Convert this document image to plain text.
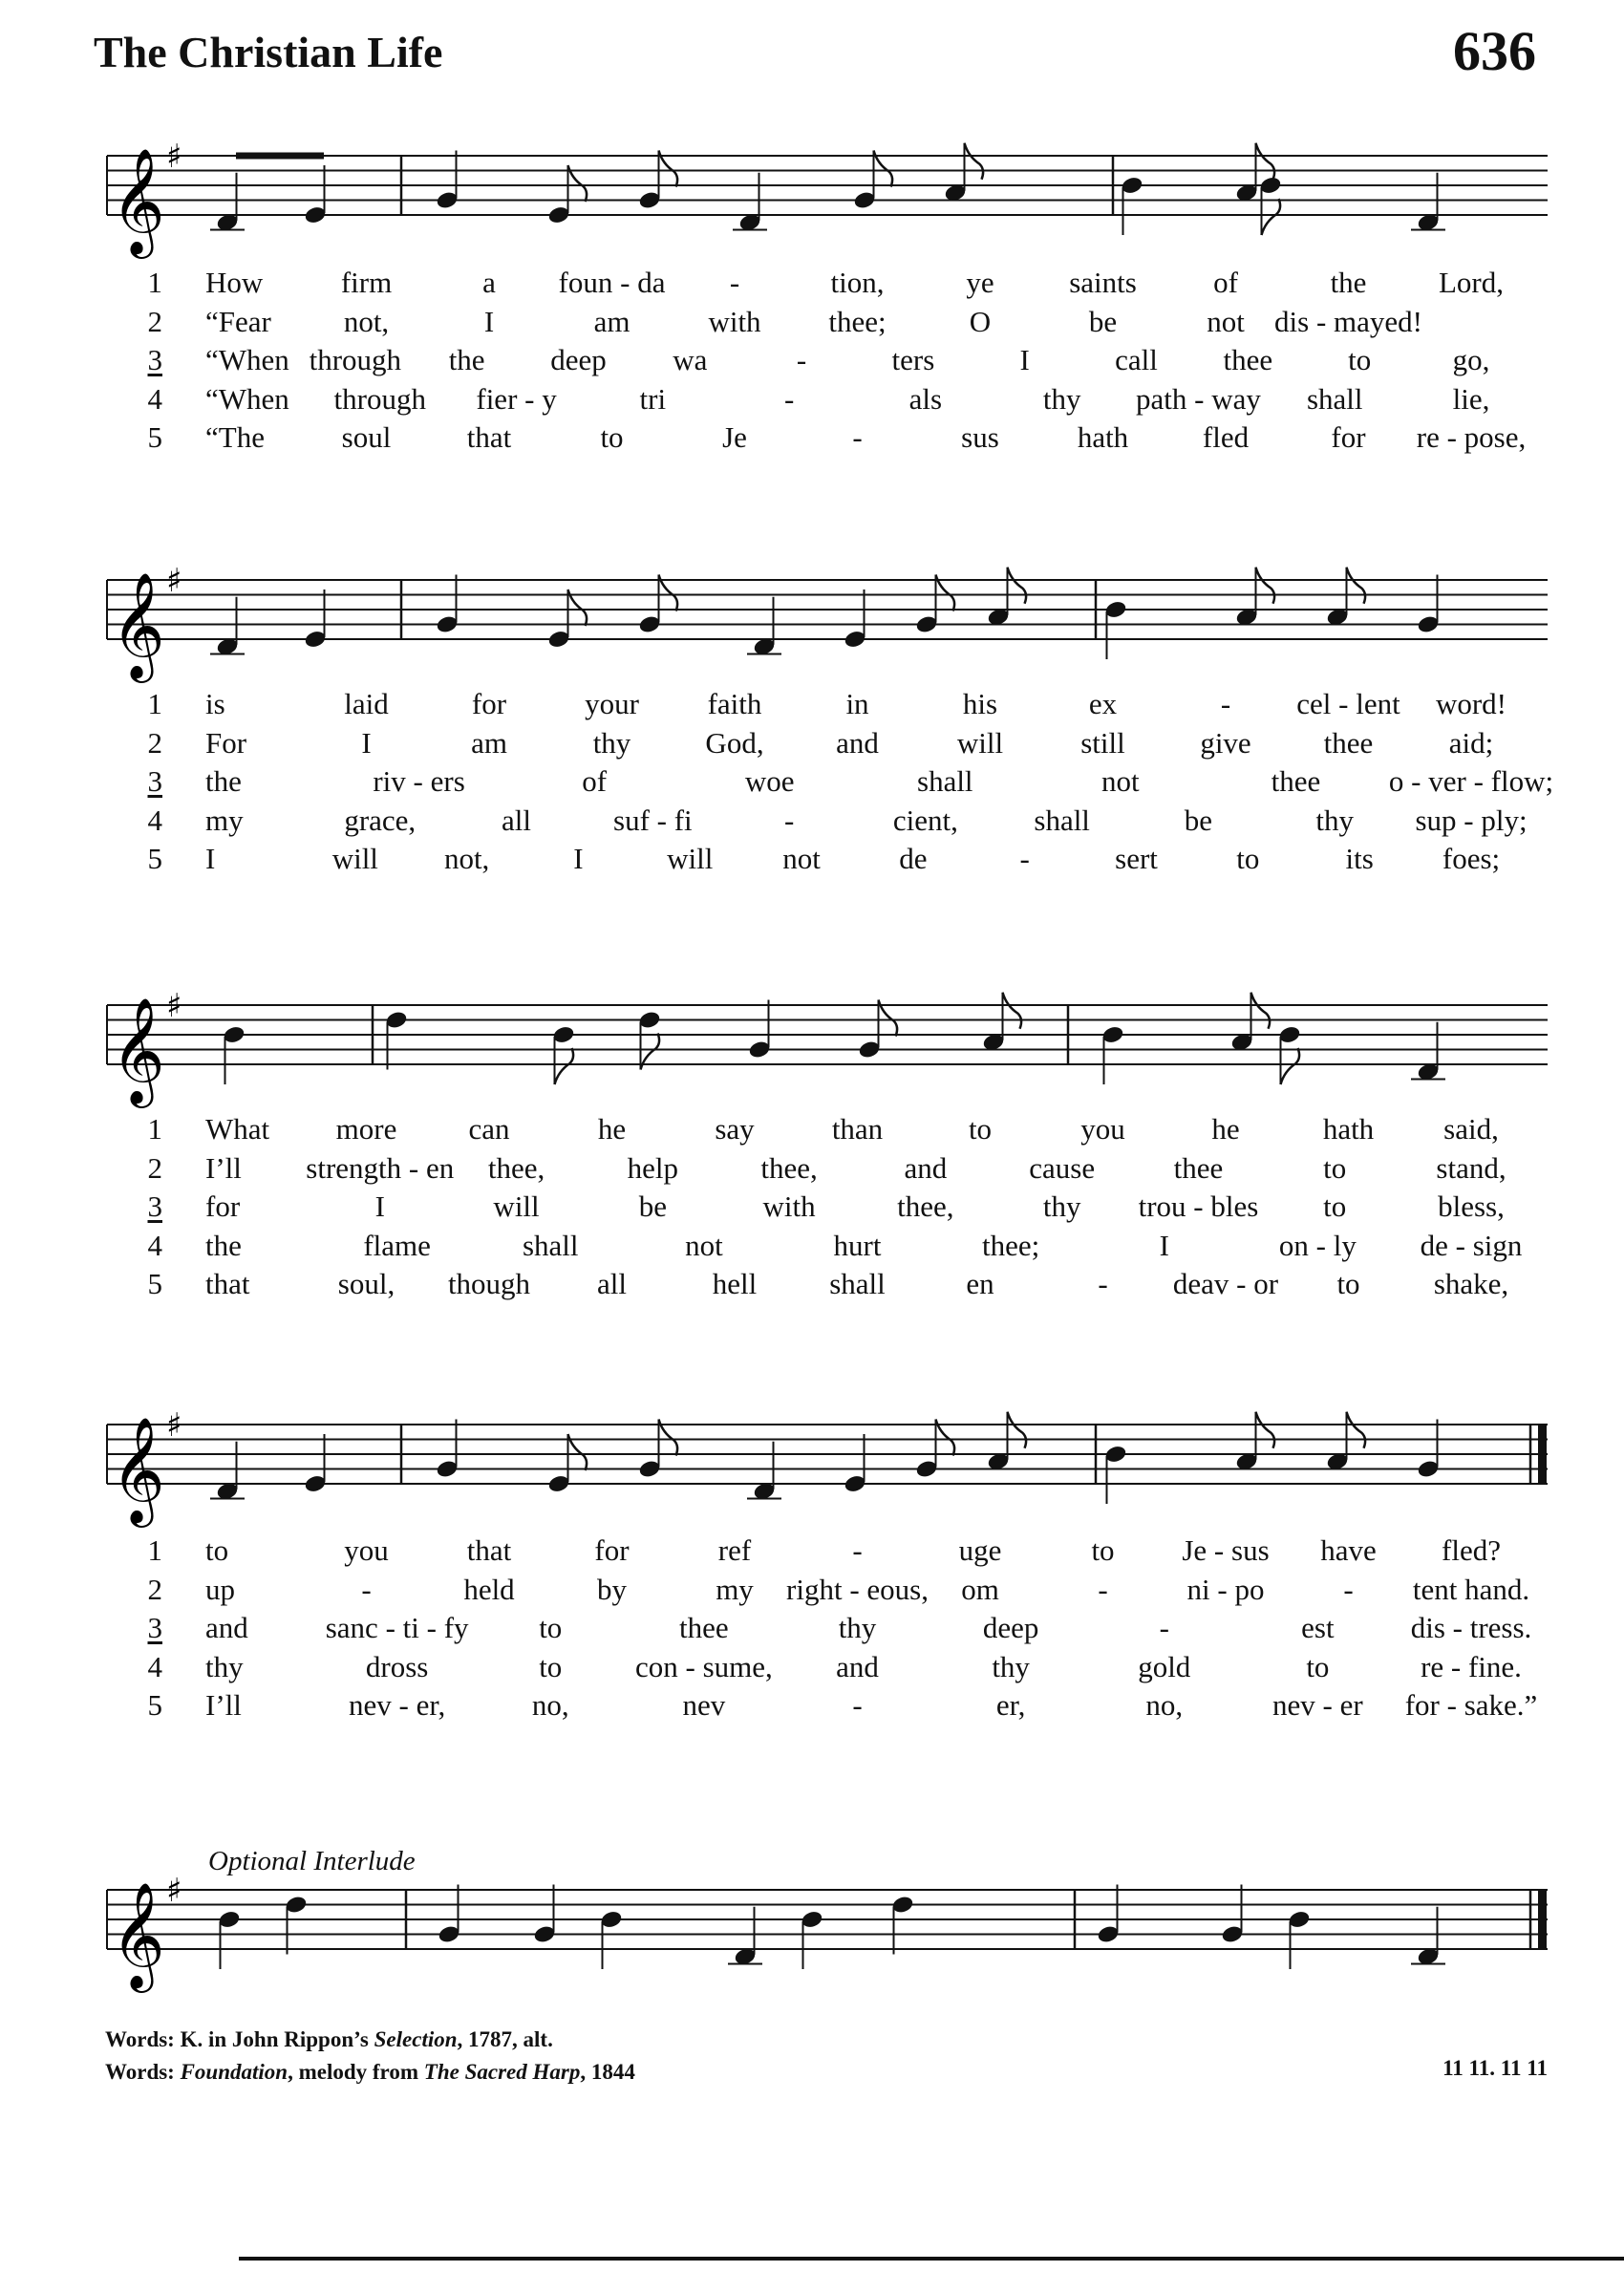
The Christian Life	636
𝄞 ♯
𝄞 ♯
𝄞 ♯
𝄞 ♯
𝄞 ♯
Optional Interlude
1 How	firm	a foun - da -	tion,	ye	saints	of	the Lord,
2 “Fear not,	I	am	with thee;	O	be	not dis - mayed!
3 “When through the deep wa	-	ters	I	call thee	to	go,
4 “When through fier - y	tri	-	als	thy path - way shall	lie,
5 “The	soul	that	to	Je	-	sus	hath	fled	for re - pose,
1 is	laid	for	your faith	in	his	ex	- cel - lent word!
2 For	I	am	thy	God, and	will	still	give thee	aid;
3 the	riv - ers	of	woe	shall	not	thee o - ver - flow;
4 my	grace,	all	suf - fi	-	cient,	shall	be	thy sup - ply;
5 I	will not,	I	will not	de	-	sert	to	its foes;
1 What more can	he	say	than	to	you	he	hath said,
2 I’ll strength - en thee,	help	thee,	and	cause	thee	to	stand,
3 for	I	will	be	with	thee,	thy trou - bles to	bless,
4 the	flame	shall	not	hurt	thee;	I	on - ly de - sign
5 that	soul, though all	hell shall	en	- deav - or to shake,
1 to	you	that	for	ref	-	uge	to Je - sus have fled?
2 up	-	held	by	my right - eous, om	-	ni - po	- tent hand.
3 and	sanc - ti - fy to	thee	thy	deep	-	est	dis - tress.
4 thy	dross	to con - sume, and	thy	gold	to	re - fine.
5 I’ll	nev - er,	no,	nev	-	er,	no,	nev - er for - sake.”
Words: K. in John Rippon’s Selection, 1787, alt.
Words: Foundation, melody from The Sacred Harp, 1844	11 11. 11 11
